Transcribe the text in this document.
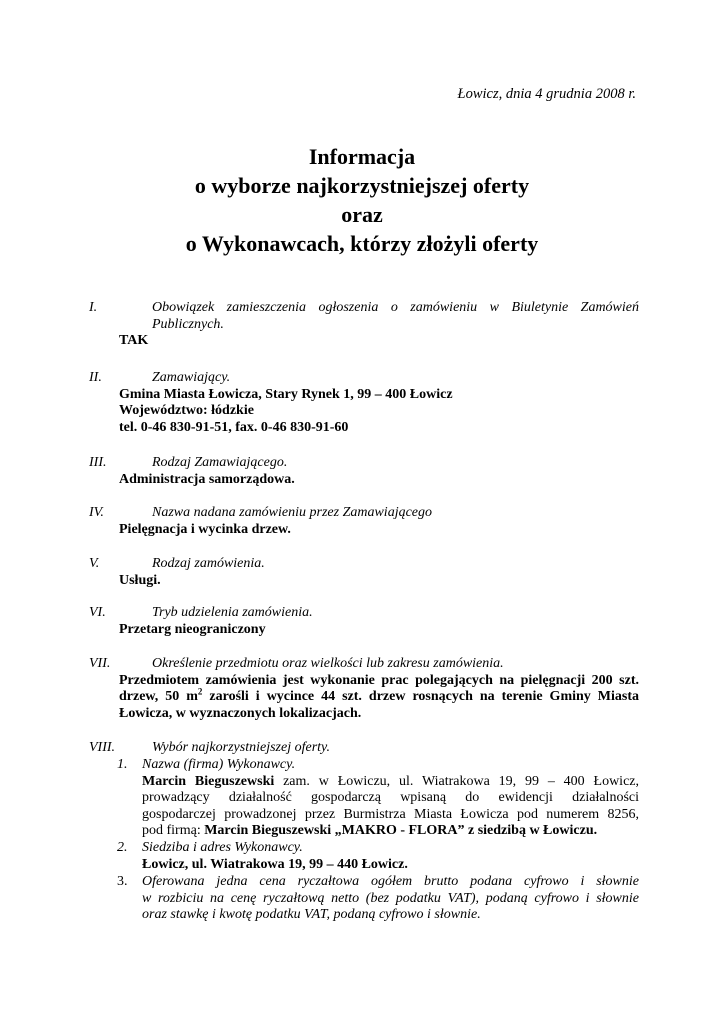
Łowicz, dnia 4 grudnia 2008 r.
Informacja
o wyborze najkorzystniejszej oferty
oraz
o Wykonawcach, którzy złożyli oferty
I.	Obowiązek zamieszczenia ogłoszenia o zamówieniu w Biuletynie Zamówień
Publicznych.
TAK
II.	Zamawiający.
Gmina Miasta Łowicza, Stary Rynek 1, 99 – 400 Łowicz
Województwo: łódzkie
tel. 0-46 830-91-51, fax. 0-46 830-91-60
III.	Rodzaj Zamawiającego.
Administracja samorządowa.
IV.	Nazwa nadana zamówieniu przez Zamawiającego
Pielęgnacja i wycinka drzew.
V.	Rodzaj zamówienia.
Usługi.
VI.	Tryb udzielenia zamówienia.
Przetarg nieograniczony
VII.	Określenie przedmiotu oraz wielkości lub zakresu zamówienia.
Przedmiotem zamówienia jest wykonanie prac polegających na pielęgnacji 200 szt.
drzew, 50 $m^2$ zarośli i wycince 44 szt. drzew rosnących na terenie Gminy Miasta
Łowicza, w wyznaczonych lokalizacjach.
VIII.	Wybór najkorzystniejszej oferty.
1. Nazwa (firma) Wykonawcy.
Marcin Bieguszewski zam. w Łowiczu, ul. Wiatrakowa 19, 99 – 400 Łowicz,
prowadzący działalność gospodarczą wpisaną do ewidencji działalności
gospodarczej prowadzonej przez Burmistrza Miasta Łowicza pod numerem 8256,
pod firmą: Marcin Bieguszewski „MAKRO - FLORA” z siedzibą w Łowiczu.
2. Siedziba i adres Wykonawcy.
Łowicz, ul. Wiatrakowa 19, 99 – 440 Łowicz.
3. Oferowana jedna cena ryczałtowa ogółem brutto podana cyfrowo i słownie
w rozbiciu na cenę ryczałtową netto (bez podatku VAT), podaną cyfrowo i słownie
oraz stawkę i kwotę podatku VAT, podaną cyfrowo i słownie.
